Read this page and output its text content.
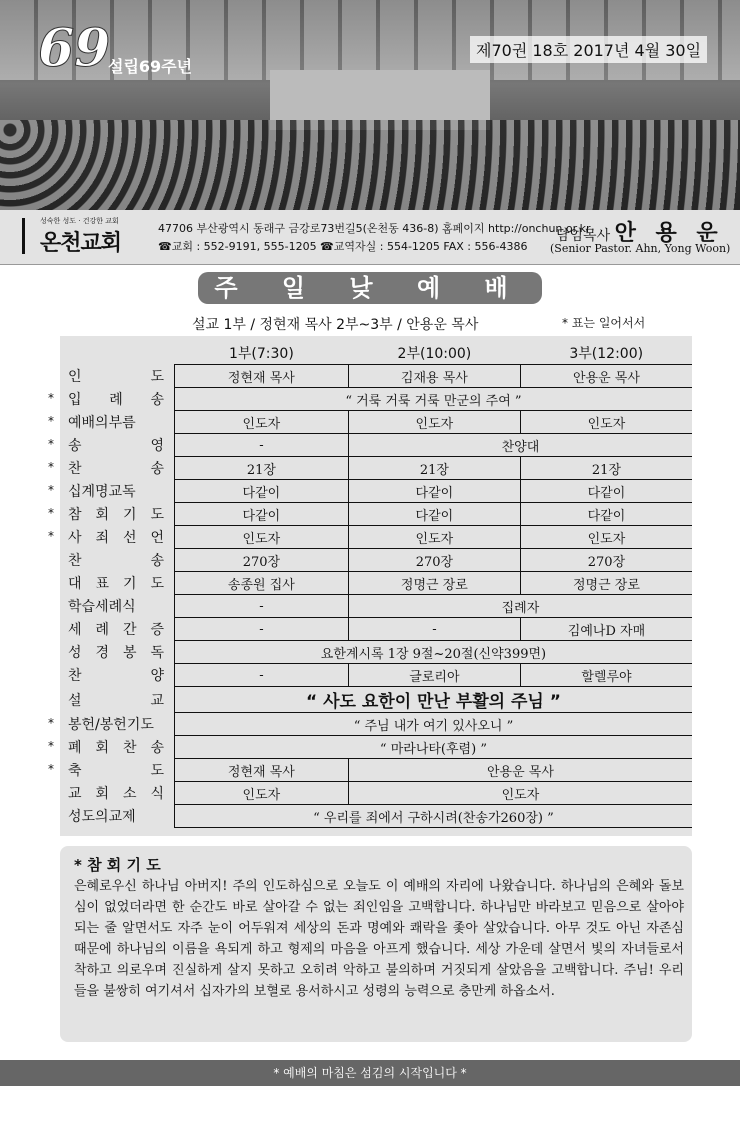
69
설립69주년
제70권 18호 2017년 4월 30일
성숙한 성도 · 건강한 교회
온천교회
47706 부산광역시 동래구 금강로73번길5(온천동 436-8) 홈페이지 http://onchun.or.kr
☎교회 : 552-9191, 555-1205 ☎교역자실 : 554-1205 FAX : 556-4386
담임목사 안 용 운
(Senior Pastor. Ahn, Yong Woon)
주 일 낮 예 배
설교 1부 / 정현재 목사 2부~3부 / 안용운 목사	* 표는 일어서서
	1부(7:30)	2부(10:00)	3부(12:00)

인 도	정현재 목사	김재용 목사	안용운 목사

* 입 례 송	“ 거룩 거룩 거룩 만군의 주여 ”		

* 예배의부름	인도자	인도자	인도자

* 송 영	-	찬양대	

* 찬 송	21장	21장	21장

* 십계명교독	다같이	다같이	다같이

* 참 회 기 도	다같이	다같이	다같이

* 사 죄 선 언	인도자	인도자	인도자

찬 송	270장	270장	270장

대 표 기 도	송종원 집사	정명근 장로	정명근 장로

학습세례식	-	집례자	

세 례 간 증	-	-	김예나D 자매

성 경 봉 독	요한계시록 1장 9절~20절(신약399면)		

찬 양	-	글로리아	할렐루야

설 교	“ 사도 요한이 만난 부활의 주님 ”		

* 봉헌/봉헌기도	“ 주님 내가 여기 있사오니 ”		

* 폐 회 찬 송	“ 마라나타(후렴) ”		

* 축 도	정현재 목사	안용운 목사	

교 회 소 식	인도자	인도자	

성도의교제	“ 우리를 죄에서 구하시려(찬송가260장) ”		
* 참 회 기 도
은혜로우신 하나님 아버지! 주의 인도하심으로 오늘도 이 예배의 자리에 나왔습니다. 하나님의 은혜와 돌보심이 없었더라면 한 순간도 바로 살아갈 수 없는 죄인임을 고백합니다. 하나님만 바라보고 믿음으로 살아야 되는 줄 알면서도 자주 눈이 어두워져 세상의 돈과 명예와 쾌락을 좇아 살았습니다. 아무 것도 아닌 자존심 때문에 하나님의 이름을 욕되게 하고 형제의 마음을 아프게 했습니다. 세상 가운데 살면서 빛의 자녀들로서 착하고 의로우며 진실하게 살지 못하고 오히려 악하고 불의하며 거짓되게 살았음을 고백합니다. 주님! 우리들을 불쌍히 여기셔서 십자가의 보혈로 용서하시고 성령의 능력으로 충만케 하옵소서.
* 예배의 마침은 섬김의 시작입니다 *
